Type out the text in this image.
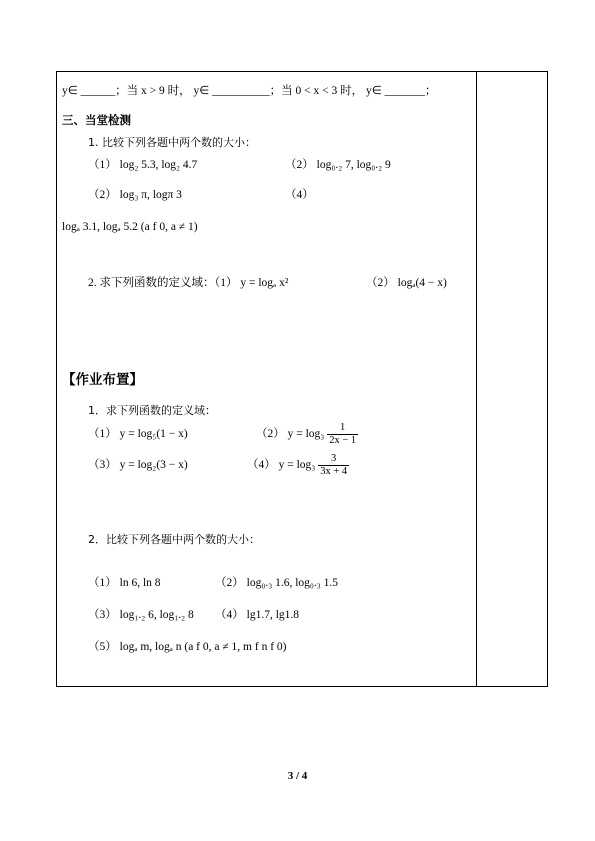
y∈ ______；当 x > 9 时， y∈ __________；当 0 < x < 3 时， y∈ _______；
三、当堂检测
1. 比较下列各题中两个数的大小：
（1） log₂ 5.3, log₂ 4.7	（2） log₀.₂ 7, log₀.₂ 9
（2） log₃ π, logπ 3	（4）
logₐ 3.1, logₐ 5.2 (a f 0, a ≠ 1)
2. 求下列函数的定义域：（1） y = logₐ x²	（2） logₐ(4 − x)
【作业布置】
1．求下列函数的定义域：
（1） y = log₅(1 − x)	（2） $y = \log_3 \frac{1}{2x - 1}$
（3） y = log₂(3 − x)	（4） $y = \log_3 \frac{3}{3x + 4}$
2．比较下列各题中两个数的大小：
（1） ln 6, ln 8	（2） log₀.₃ 1.6, log₀.₃ 1.5
（3） log₁.₂ 6, log₁.₂ 8 （4） lg1.7, lg1.8
（5） logₐ m, logₐ n (a f 0, a ≠ 1, m f n f 0)
3 / 4
